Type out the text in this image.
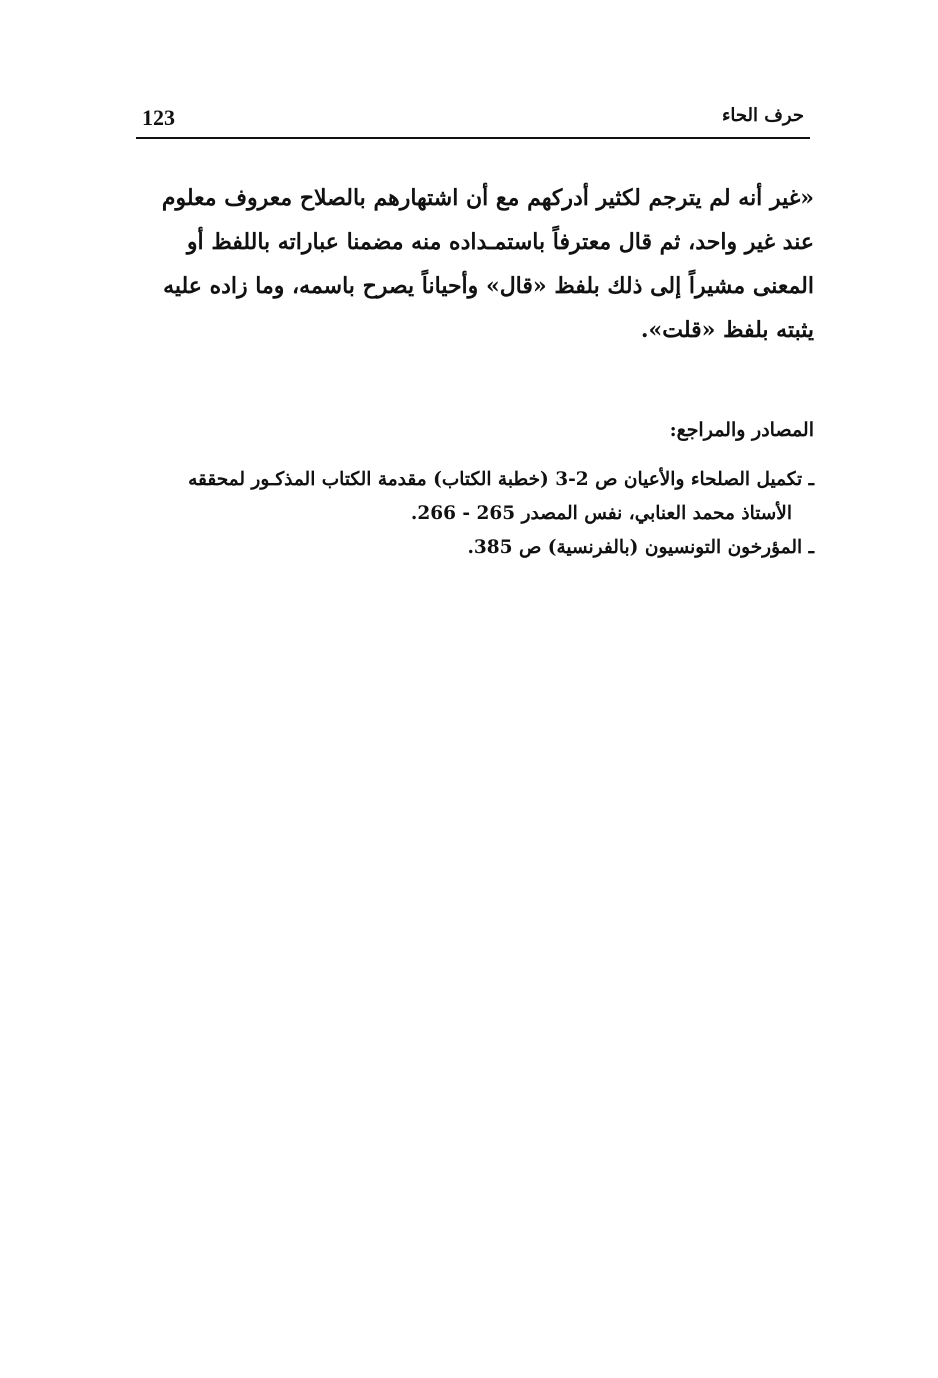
123	حرف الحاء
«غير أنه لم يترجم لكثير أدركهم مع أن اشتهارهم بالصلاح معروف معلوم
عند غير واحد، ثم قال معترفاً باستمـداده منه مضمنا عباراته باللفظ أو
المعنى مشيراً إلى ذلك بلفظ «قال» وأحياناً يصرح باسمه، وما زاده عليه
يثبته بلفظ «قلت».
المصادر والمراجع:
ـ تكميل الصلحاء والأعيان ص 2-3 (خطبة الكتاب) مقدمة الكتاب المذكـور لمحققه
الأستاذ محمد العنابي، نفس المصدر 265 - 266.
ـ المؤرخون التونسيون (بالفرنسية) ص 385.
